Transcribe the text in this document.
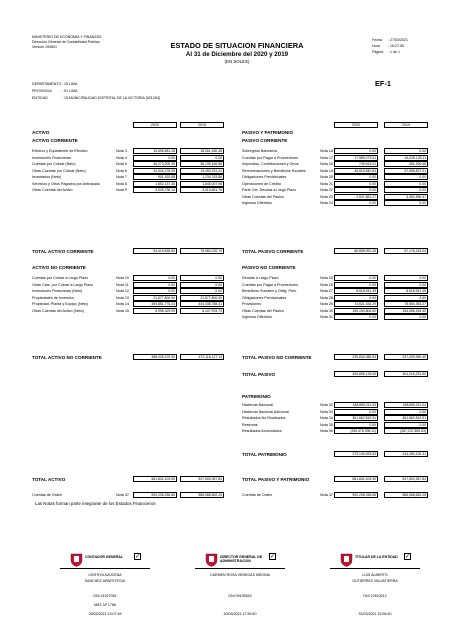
MINISTERIO DE ECONOMÍA Y FINANZAS
Dirección General de Contabilidad Pública
Versión 190601	ESTADO DE SITUACION FINANCIERA
Al 31 de Diciembre del 2020 y 2019
(EN SOLES)
Fecha : 27/03/2021
Hora : 16:27:50
Página : 1 de 1
EF-1
DEPARTAMENTO : 15 LIMA
PROVINCIA	: 01 LIMA
ENTIDAD	: 15 MUNICIPALIDAD DISTRITAL DE LA VICTORIA [301264]
2020	2019	2020	2019
ACTIVO
ACTIVO CORRIENTE
PASIVO Y PATRIMONIO
PASIVO CORRIENTE
Efectivo y Equivalente de Efectivo	Nota 3	15,698,581.28	18,261,180.48
Inversiones Financieras	Nota 4	0.00	0.00
Cuentas por Cobrar (Neto)	Nota 5	46,273,205.39	36,139,166.58
Otras Cuentas por Cobrar (Neto)	Nota 6	24,544,278.05	13,490,231.24
Inventarios (Neto)	Nota 7	501,192.88	1,234,763.88
Servicios y Otros Pagados por Anticipado	Nota 8	1,852,137.36	1,845,007.56
Otras Cuentas del Activo	Nota 9	4,549,736.14	4,413,651.76
Sobregiros Bancarios	Nota 16	0.00	0.00
Cuentas por Pagar a Proveedores	Nota 17	17,965,073.61	16,226,125.11
Impuestos, Contribuciones y Otros	Nota 18	749,613.01	491,200.65
Remuneraciones y Beneficios Sociales	Nota 19	45,615,840.83	47,555,827.01
Obligaciones Previsionales	Nota 20	0.00	0.00
Operaciones de Crédito	Nota 21	0.00	0.00
Parte Cte. Deudas a Largo Plazo	Nota 22	0.00	0.00
Otras Cuentas del Pasivo	Nota 23	2,537,851.27	3,452,996.97
Ingresos Diferidos	Nota 24	0.00	0.00
Cuentas por Cobrar a Largo Plazo	Nota 10	0.00	0.00
Otras Ctas. por Cobrar a Largo Plazo	Nota 11	0.00	0.00
Inversiones Financieras (Neto)	Nota 12	0.00	0.00
Propiedades de Inversión	Nota 13	21,577,800.00	21,577,800.00
Propiedad, Planta y Equipo (Neto)	Nota 14	459,851,776.23	444,435,788.41
Otras Cuentas del Activo (Neto)	Nota 15	6,996,329.09	6,107,578.73
Deudas a Largo Plazo	Nota 25	0.00	0.00
Cuentas por Pagar a Proveedores	Nota 26	0.00	0.00
Beneficios Sociales y Oblig. Prev.	Nota 27	8,518,941.49	8,518,941.49
Obligaciones Previsionales	Nota 28	0.00	0.00
Provisiones	Nota 29	74,621,334.29	75,554,353.27
Otras Cuentas del Pasivo	Nota 30	155,194,804.62	153,066,254.40
Ingresos Diferidos	Nota 31	0.00	0.00
Hacienda Nacional	Nota 32	188,659,211.03	188,659,211.03
Hacienda Nacional Adicional	Nota 33	0.00	0.00
Resultados No Realizados	Nota 34	361,662,810.91	361,662,810.91
Reservas	Nota 35	0.00	0.00
Resultados Acumulados	Nota 36	(255,376,096.11)	(287,237,895.63)
TOTAL ACTIVO CORRIENTE	93,419,628.60	75,384,220.70	TOTAL PASIVO CORRIENTE	66,868,091.26	67,176,243.04
ACTIVO NO CORRIENTE	PASIVO NO CORRIENTE
TOTAL ACTIVO NO CORRIENTE	488,425,475.30	472,116,127.14	TOTAL PASIVO NO CORRIENTE	239,834,086.53	237,039,969.49
TOTAL PASIVO	306,696,178.05	304,216,231.50
PATRIMONIO
TOTAL PATRIMONIO	275,145,925.83	243,284,126.31
TOTAL ACTIVO	581,842,103.90	547,500,357.84	TOTAL PASIVO Y PATRIMONIO	581,842,103.90	547,500,357.84
Cuentas de Orden	Nota 37	900,208,256.66	586,068,652.25	Cuentas de Orden	Nota 37	900,208,256.66	586,068,652.25
Las Notas forman parte integrante de los Estados Financieros
CONTADOR GENERAL	✓
CINTHYA AZUCENA
SANCHEZ APAESTEGUI
DNI 41527051
MAT. Nº 1786
29/03/2021 13:07:45
DIRECTOR GENERAL DE ADMINISTRACION
✓
CARMEN ROSA VENEGAS MEDINA
DNI 09195543
30/03/2021 17:59:40
TITULAR DE LA ENTIDAD	✓
LUIS ALBERTO
GUTIERREZ VALVATIERRA
DNI 10610012
31/03/2021 15:56:40
